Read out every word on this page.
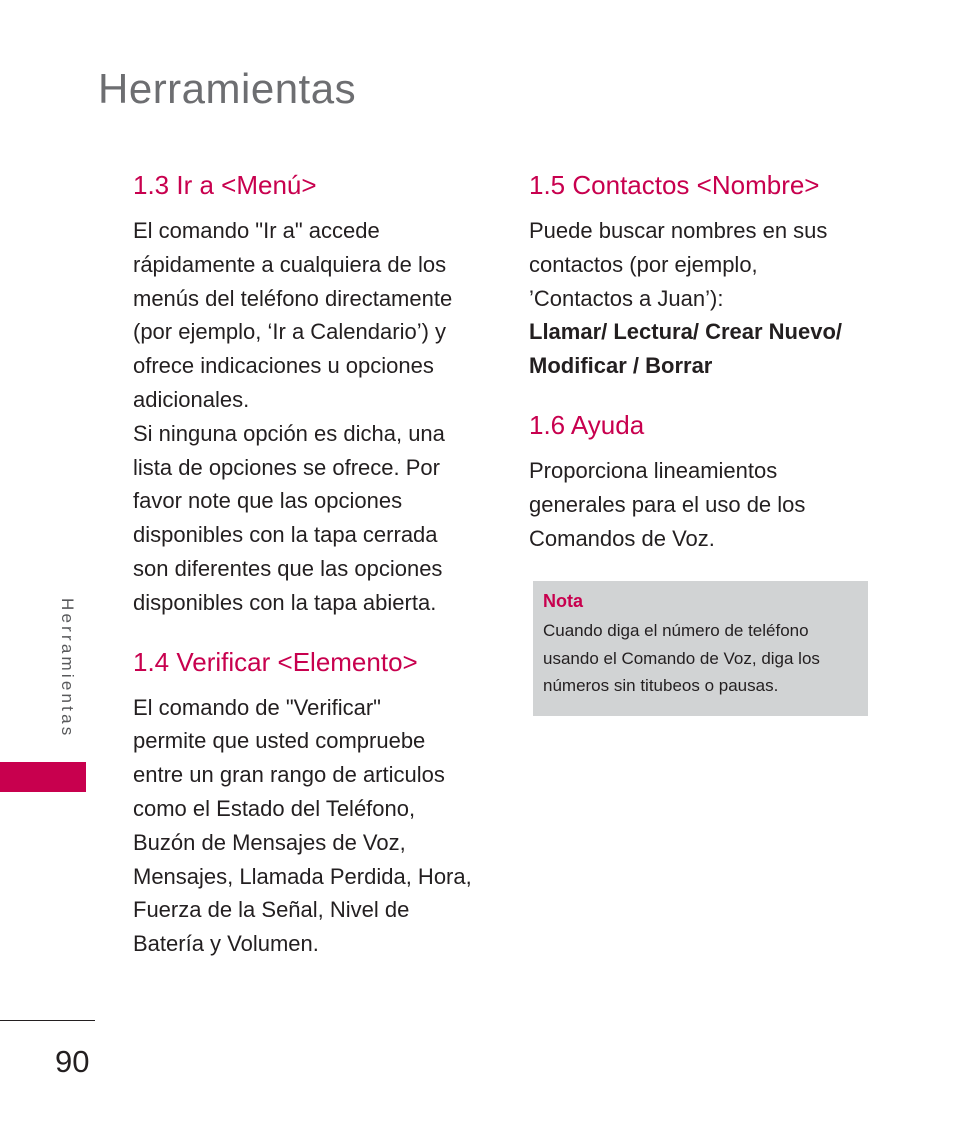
Herramientas
Herramientas
1.3 Ir a <Menú>

El comando "Ir a" accede

rápidamente a cualquiera de los

menús del teléfono directamente

(por ejemplo, ‘Ir a Calendario’) y

ofrece indicaciones u opciones

adicionales.

Si ninguna opción es dicha, una

lista de opciones se ofrece. Por

favor note que las opciones

disponibles con la tapa cerrada

son diferentes que las opciones

disponibles con la tapa abierta.

1.4 Verificar <Elemento>

El comando de "Verificar"

permite que usted compruebe

entre un gran rango de articulos

como el Estado del Teléfono,

Buzón de Mensajes de Voz,

Mensajes, Llamada Perdida, Hora,

Fuerza de la Señal, Nivel de

Batería y Volumen.

1.5 Contactos <Nombre>

Puede buscar nombres en sus

contactos (por ejemplo,

’Contactos a Juan’):

Llamar/ Lectura/ Crear Nuevo/

Modificar / Borrar

1.6 Ayuda

Proporciona lineamientos

generales para el uso de los

Comandos de Voz.

Nota

Cuando diga el número de teléfono

usando el Comando de Voz, diga los

números sin titubeos o pausas.

90
